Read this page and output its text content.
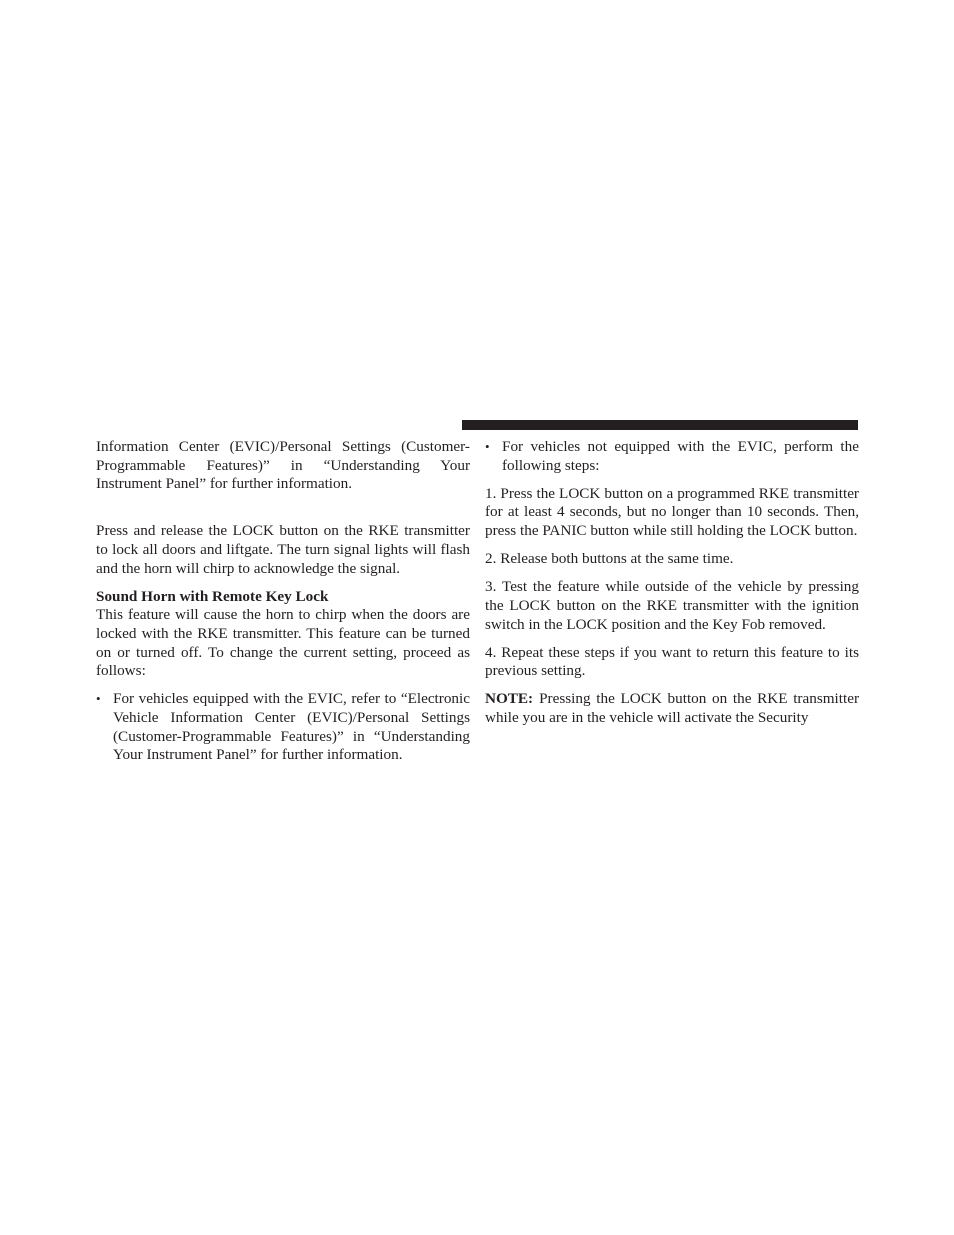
Information Center (EVIC)/Personal Settings (Customer-Programmable Features)” in “Understanding Your Instrument Panel” for further information.

Press and release the LOCK button on the RKE transmitter to lock all doors and liftgate. The turn signal lights will flash and the horn will chirp to acknowledge the signal.

Sound Horn with Remote Key Lock

This feature will cause the horn to chirp when the doors are locked with the RKE transmitter. This feature can be turned on or turned off. To change the current setting, proceed as follows:

• For vehicles equipped with the EVIC, refer to “Electronic Vehicle Information Center (EVIC)/Personal Settings (Customer-Programmable Features)” in “Understanding Your Instrument Panel” for further information.
• For vehicles not equipped with the EVIC, perform the following steps:

1. Press the LOCK button on a programmed RKE transmitter for at least 4 seconds, but no longer than 10 seconds. Then, press the PANIC button while still holding the LOCK button.

2. Release both buttons at the same time.

3. Test the feature while outside of the vehicle by pressing the LOCK button on the RKE transmitter with the ignition switch in the LOCK position and the Key Fob removed.

4. Repeat these steps if you want to return this feature to its previous setting.

NOTE: Pressing the LOCK button on the RKE transmitter while you are in the vehicle will activate the Security
